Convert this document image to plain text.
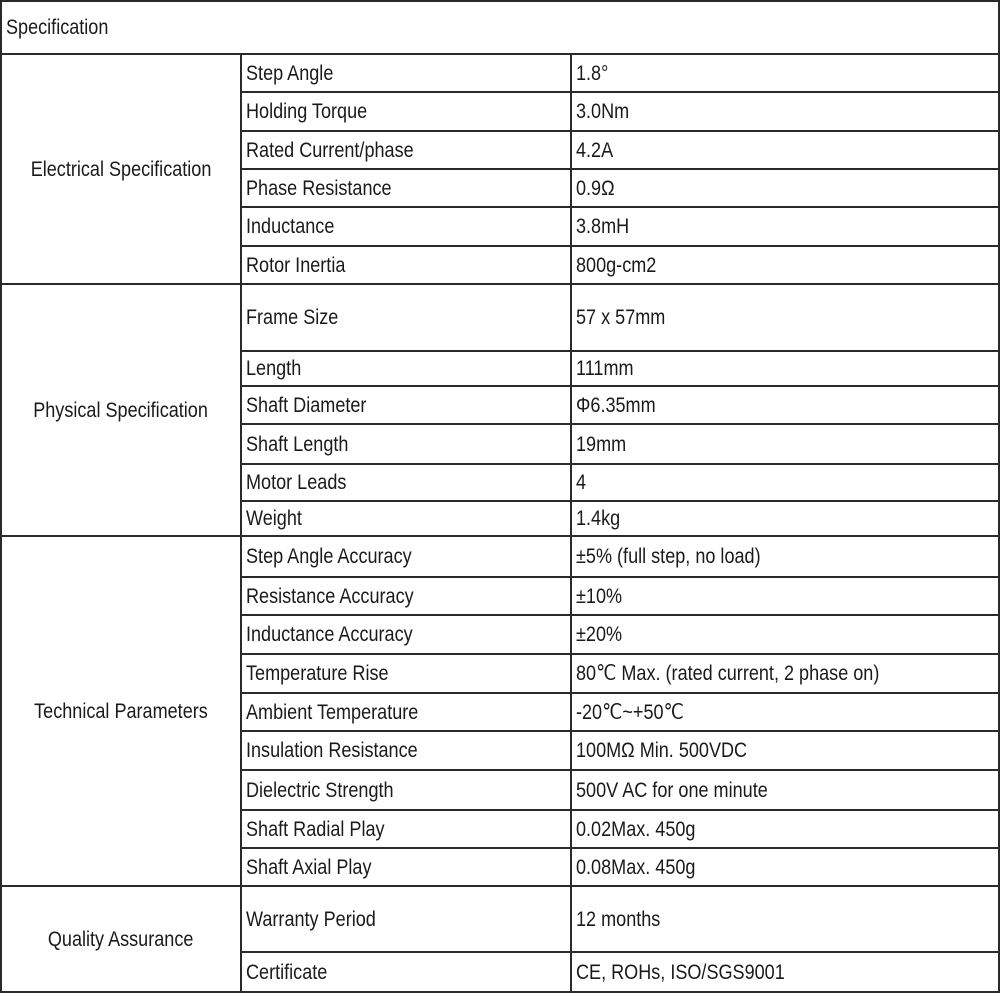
Specification		
Electrical Specification	Step Angle	1.8°
	Holding Torque	3.0Nm
	Rated Current/phase	4.2A
	Phase Resistance	0.9Ω
	Inductance	3.8mH
	Rotor Inertia	800g-cm2
Physical Specification	Frame Size	57 x 57mm
	Length	111mm
	Shaft Diameter	Φ6.35mm
	Shaft Length	19mm
	Motor Leads	4
	Weight	1.4kg
Technical Parameters	Step Angle Accuracy	±5% (full step, no load)
	Resistance Accuracy	±10%
	Inductance Accuracy	±20%
	Temperature Rise	80℃ Max. (rated current, 2 phase on)
	Ambient Temperature	-20℃~+50℃
	Insulation Resistance	100MΩ Min. 500VDC
	Dielectric Strength	500V AC for one minute
	Shaft Radial Play	0.02Max. 450g
	Shaft Axial Play	0.08Max. 450g
Quality Assurance	Warranty Period	12 months
	Certificate	CE, ROHs, ISO/SGS9001
